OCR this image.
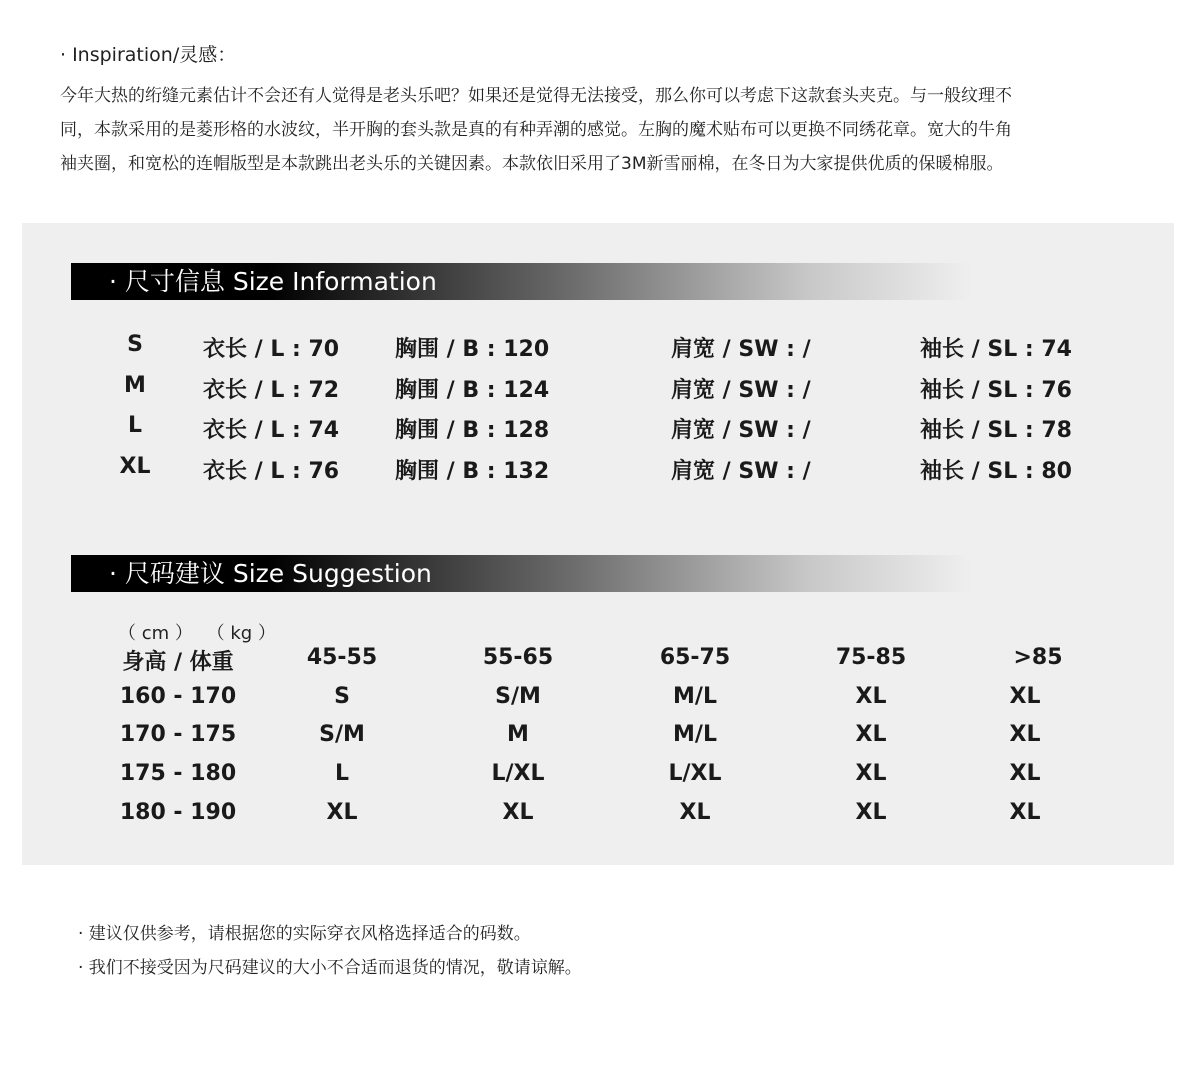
· Inspiration/灵感：
今年大热的绗缝元素估计不会还有人觉得是老头乐吧？如果还是觉得无法接受，那么你可以考虑下这款套头夹克。与一般纹理不
同，本款采用的是菱形格的水波纹，半开胸的套头款是真的有种弄潮的感觉。左胸的魔术贴布可以更换不同绣花章。宽大的牛角
袖夹圈，和宽松的连帽版型是本款跳出老头乐的关键因素。本款依旧采用了3M新雪丽棉，在冬日为大家提供优质的保暖棉服。
· 尺寸信息 Size Information
S	衣长 / L : 70	胸围 / B : 120	肩宽 / SW : /	袖长 / SL : 74
M	衣长 / L : 72	胸围 / B : 124	肩宽 / SW : /	袖长 / SL : 76
L	衣长 / L : 74	胸围 / B : 128	肩宽 / SW : /	袖长 / SL : 78
XL 衣长 / L : 76	胸围 / B : 132	肩宽 / SW : /	袖长 / SL : 80
· 尺码建议 Size Suggestion
（ cm ） （ kg ）
身高 / 体重	45-55	55-65	65-75	75-85	>85
160 - 170	S	S/M	M/L	XL	XL
170 - 175	S/M	M	M/L	XL	XL
175 - 180	L	L/XL	L/XL	XL	XL
180 - 190	XL	XL	XL	XL	XL
· 建议仅供参考，请根据您的实际穿衣风格选择适合的码数。
· 我们不接受因为尺码建议的大小不合适而退货的情况，敬请谅解。
